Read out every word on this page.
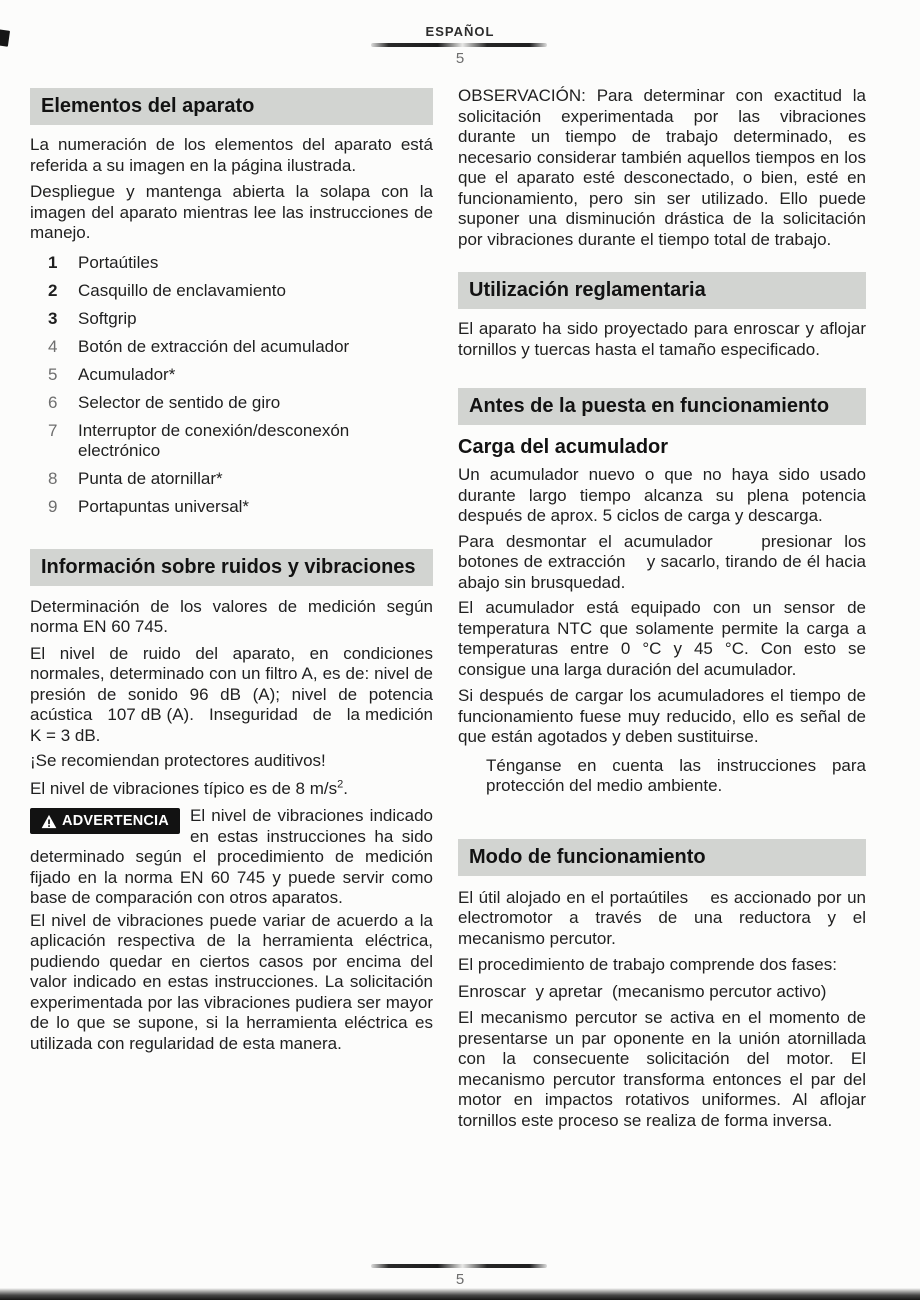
ESPAÑOL
5
Elementos del aparato

La numeración de los elementos del aparato está referida a su imagen en la página ilustrada.

Despliegue y mantenga abierta la solapa con la imagen del aparato mientras lee las instrucciones de manejo.

1	Portaútiles
2	Casquillo de enclavamiento
3	Softgrip
4	Botón de extracción del acumulador
5	Acumulador*
6	Selector de sentido de giro
7	Interruptor de conexión/desconexón electrónico
8	Punta de atornillar*
9	Portapuntas universal*
Información sobre ruidos y vibraciones

Determinación de los valores de medición según norma EN 60 745.

El nivel de ruido del aparato, en condiciones normales, determinado con un filtro A, es de: nivel de presión de sonido 96 dB (A); nivel de potencia acústica   107 dB (A).   Inseguridad   de   la medición K = 3 dB.

¡Se recomiendan protectores auditivos!

El nivel de vibraciones típico es de 8 $m/s^2$.

ADVERTENCIA	El nivel de vibraciones indicado en estas instrucciones ha sido determinado según el procedimiento de medición fijado en la norma EN 60 745 y puede servir como base de comparación con otros aparatos.

El nivel de vibraciones puede variar de acuerdo a la aplicación respectiva de la herramienta eléctrica, pudiendo quedar en ciertos casos por encima del valor indicado en estas instrucciones. La solicitación experimentada por las vibraciones pudiera ser mayor de lo que se supone, si la herramienta eléctrica es utilizada con regularidad de esta manera.

OBSERVACIÓN: Para determinar con exactitud la solicitación experimentada por las vibraciones durante un tiempo de trabajo determinado, es necesario considerar también aquellos tiempos en los que el aparato esté desconectado, o bien, esté en funcionamiento, pero sin ser utilizado. Ello puede suponer una disminución drástica de la solicitación por vibraciones durante el tiempo total de trabajo.

Utilización reglamentaria

El aparato ha sido proyectado para enroscar y aflojar tornillos y tuercas hasta el tamaño especificado.

Antes de la puesta en funcionamiento
Carga del acumulador

Un acumulador nuevo o que no haya sido usado durante largo tiempo alcanza su plena potencia después de aprox. 5 ciclos de carga y descarga.

Para desmontar el acumulador    presionar los botones de extracción    y sacarlo, tirando de él hacia abajo sin brusquedad.

El acumulador está equipado con un sensor de temperatura NTC que solamente permite la carga a temperaturas entre 0 °C y 45 °C. Con esto se consigue una larga duración del acumulador.

Si después de cargar los acumuladores el tiempo de funcionamiento fuese muy reducido, ello es señal de que están agotados y deben sustituirse.

Ténganse en cuenta las instrucciones para protección del medio ambiente.

Modo de funcionamiento

El útil alojado en el portaútiles    es accionado por un electromotor a través de una reductora y el mecanismo percutor.

El procedimiento de trabajo comprende dos fases:

Enroscar  y apretar  (mecanismo percutor activo)

El mecanismo percutor se activa en el momento de presentarse un par oponente en la unión atornillada con la consecuente solicitación del motor. El mecanismo percutor transforma entonces el par del motor en impactos rotativos uniformes. Al aflojar tornillos este proceso se realiza de forma inversa.

5
